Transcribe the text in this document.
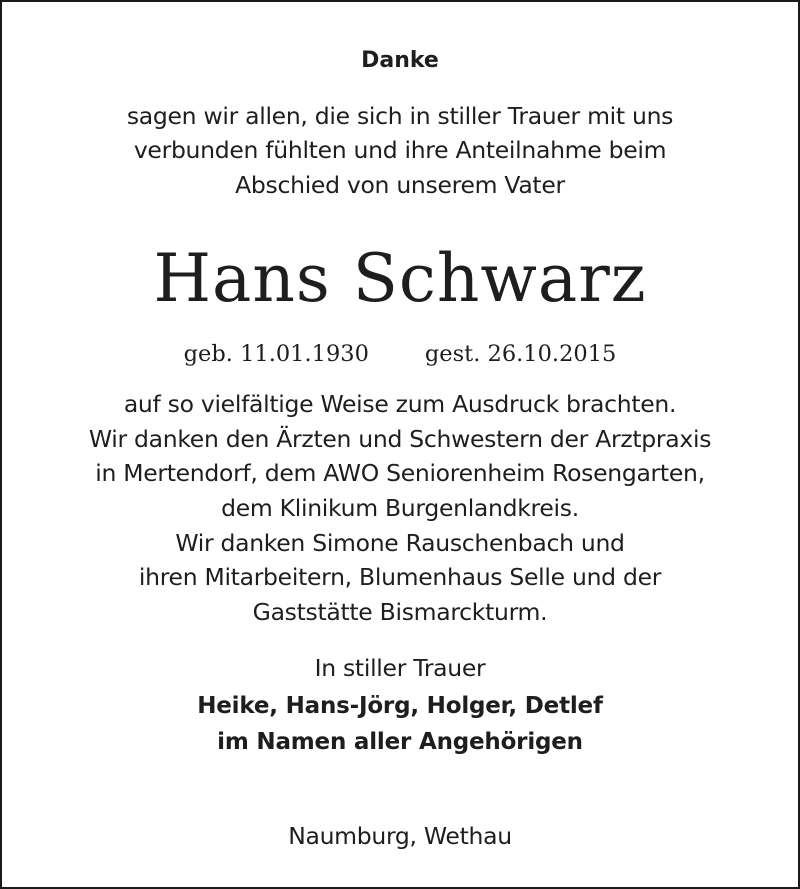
Danke

sagen wir allen, die sich in stiller Trauer mit uns

verbunden fühlten und ihre Anteilnahme beim

Abschied von unserem Vater

Hans Schwarz

geb. 11.01.1930 gest. 26.10.2015

auf so vielfältige Weise zum Ausdruck brachten.

Wir danken den Ärzten und Schwestern der Arztpraxis

in Mertendorf, dem AWO Seniorenheim Rosengarten,

dem Klinikum Burgenlandkreis.

Wir danken Simone Rauschenbach und

ihren Mitarbeitern, Blumenhaus Selle und der

Gaststätte Bismarckturm.

In stiller Trauer

Heike, Hans-Jörg, Holger, Detlef

im Namen aller Angehörigen

Naumburg, Wethau
